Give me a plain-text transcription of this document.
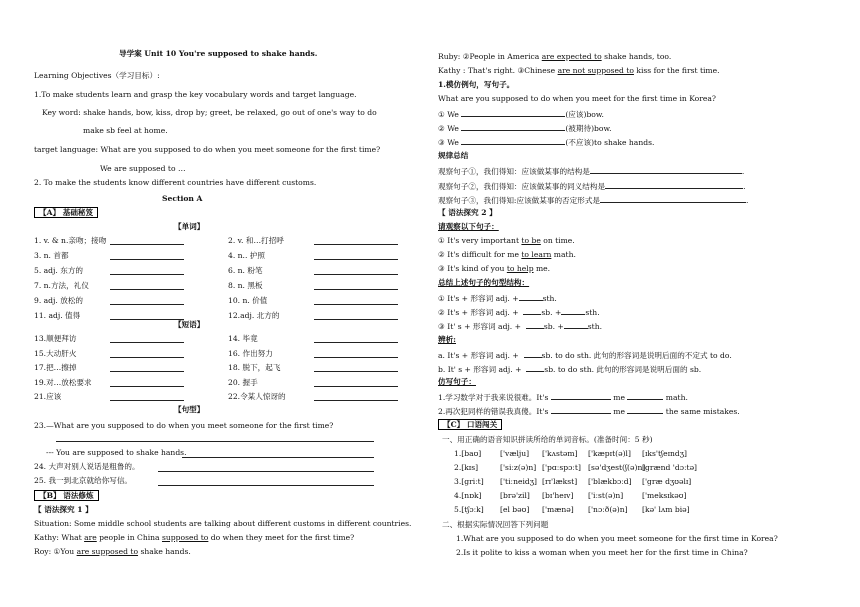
导学案 Unit 10 You're supposed to shake hands.
Learning Objectives（学习目标）:
1.To make students learn and grasp the key vocabulary words and target language.
Key word: shake hands, bow, kiss, drop by; greet, be relaxed, go out of one's way to do
make sb feel at home.
target language: What are you supposed to do when you meet someone for the first time?
We are supposed to …
2. To make the students know different countries have different customs.
Section A
【A】 基础秘笈
【单词】
1. v. & n.亲吻；接吻	2. v. 和…打招呼
3. n. 首都	4. n.. 护照
5. adj. 东方的	6. n. 粉笔
7. n.方法，礼仪	8. n. 黑板
9. adj. 放松的	10. n. 价值
11. adj. 值得	12.adj. 北方的
【短语】
13.顺便拜访	14. 毕竟
15.大动肝火	16. 作出努力
17.把…擦掉	18. 脱下，起飞
19.对…放松要求	20. 握手
21.应该	22.令某人惊讶的
【句型】
23.—What are you supposed to do when you meet someone for the first time?
--- You are supposed to shake hands.
24. 大声对别人说话是粗鲁的。
25. 我一到北京就给你写信。
【B】 语法修炼
【 语法探究 1 】
Situation: Some middle school students are talking about different customs in different countries.
Kathy: What are people in China supposed to do when they meet for the first time?
Roy: ①You are supposed to shake hands.
Ruby: ②People in America are expected to shake hands, too.
Kathy : That's right. ③Chinese are not supposed to kiss for the first time.
1.模仿例句，写句子。
What are you supposed to do when you meet for the first time in Korea?
① We	(应该)bow.
② We	(被期待)bow.
③ We	(不应该)to shake hands.
规律总结
观察句子①，我们得知：应该做某事的结构是	.
观察句子②，我们得知：应该做某事的同义结构是	.
观察句子③，我们得知:应该做某事的否定形式是	.
【 语法探究 2 】
请观察以下句子：
① It's very important to be on time.
② It's difficult for me to learn math.
③ It's kind of you to help me.
总结上述句子的句型结构：
① It's + 形容词 adj. +	sth.
② It's + 形容词 adj. +	sb. +	sth.
③ It' s + 形容词 adj. +	sb. +	sth.
辨析:
a. It's + 形容词 adj. +	sb. to do sth. 此句的形容词是说明后面的不定式 to do.
b. It' s + 形容词 adj. +	sb. to do sth. 此句的形容词是说明后面的 sb.
仿写句子：
1.学习数学对于我来说很难。It's	me	math.
2.再次犯同样的错误我真傻。It's	me	the same mistakes.
【C】 口语闯关
一、用正确的语音知识拼读所给的单词音标。(准备时间：5 秒)
1.[baʊ] ['vælju] ['kʌstəm] ['kæpɪt(ə)l] [ɪks'tʃeɪndʒ]
2.[kɪs]	['siːz(ə)n] ['pɑːspɔːt] [sə'dʒest(ʃ(ə)n]
[grænd 'dɔːtə]
3.[griːt] ['tiːneidʒ] [rɪ'lækst] ['blækbɔːd] ['græ dʒʊəlɪ]
4.[nɒk] [brə'zil] [bɪ'heɪv] ['iːst(ə)n] ['meksɪkəʊ]
5.[tʃɔːk] [el bəʊ] ['mænə] ['nɔːð(ə)n] [kə' lʌm biə]
二、根据实际情况回答下列问题
1.What are you supposed to do when you meet someone for the first time in Korea?
2.Is it polite to kiss a woman when you meet her for the first time in China?
